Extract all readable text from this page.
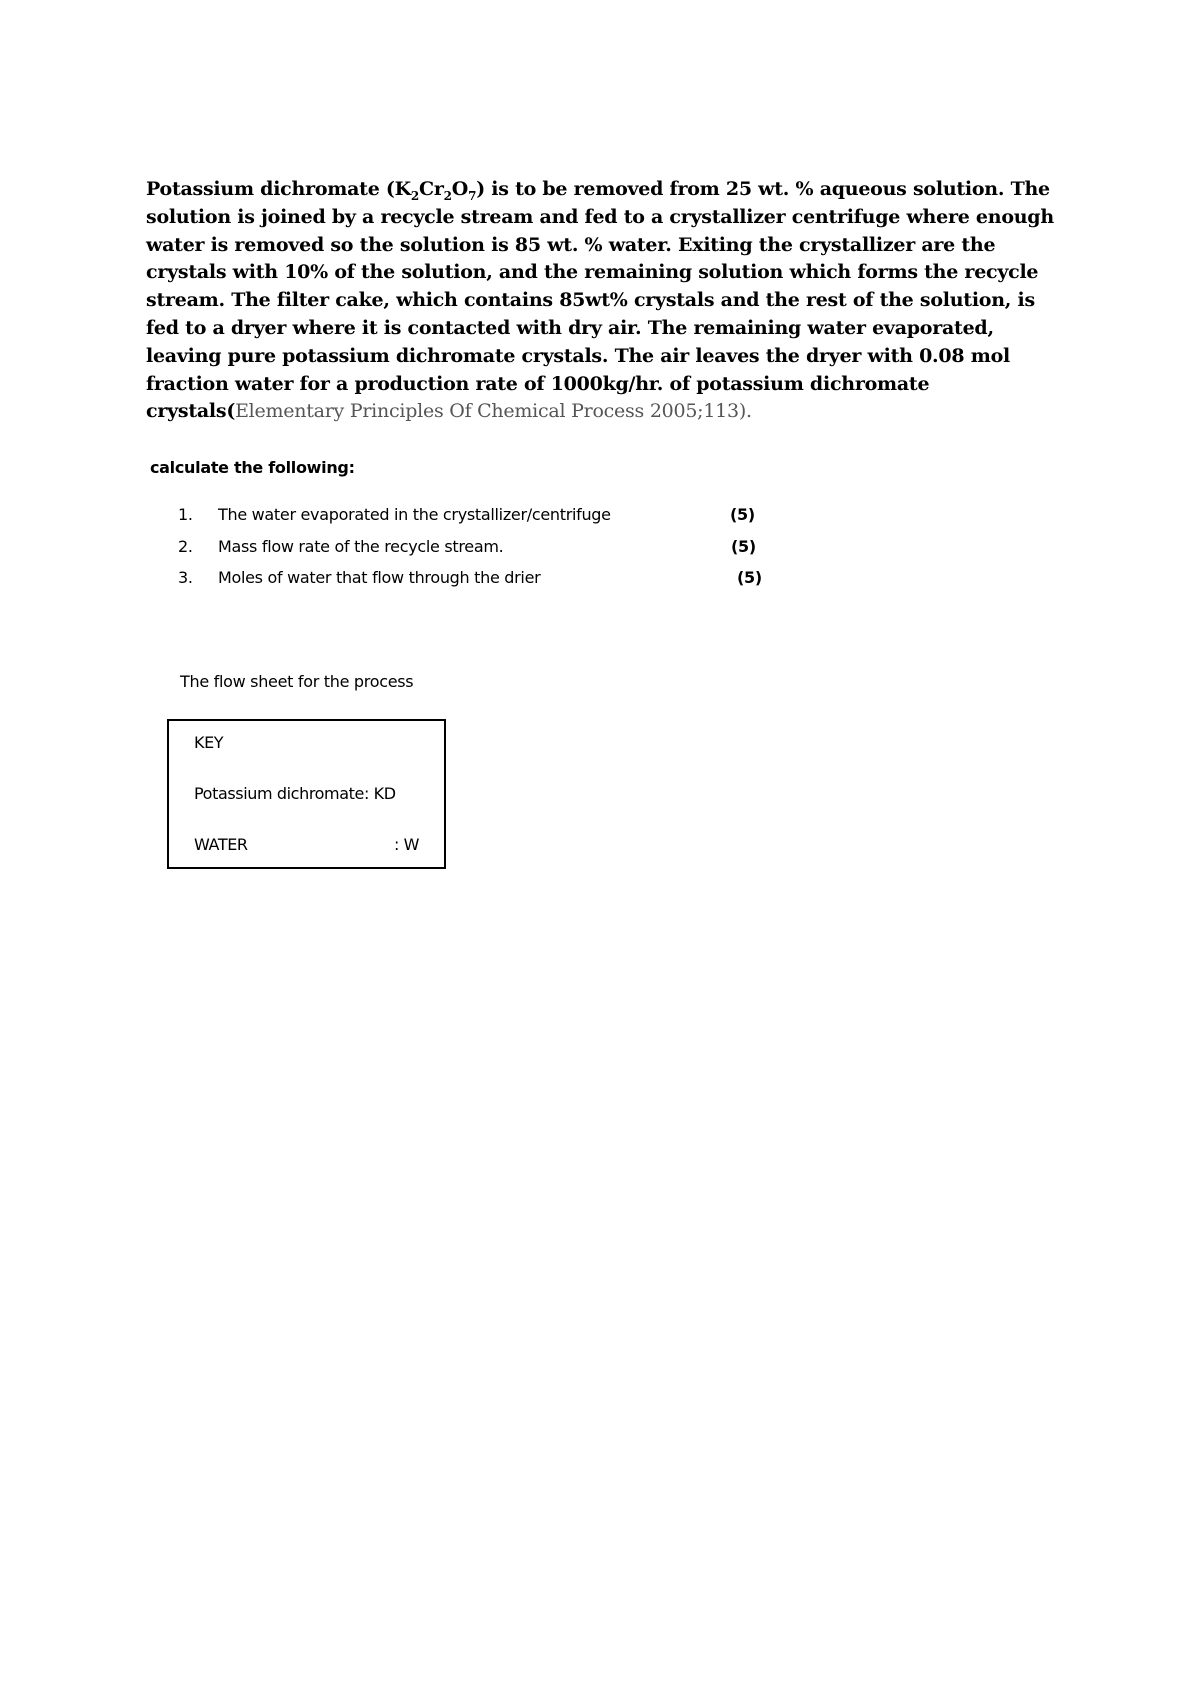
Potassium dichromate $(K_2Cr_2O_7)$ is to be removed from 25 wt. % aqueous solution. The solution is joined by a recycle stream and fed to a crystallizer centrifuge where enough water is removed so the solution is 85 wt. % water. Exiting the crystallizer are the crystals with 10% of the solution, and the remaining solution which forms the recycle stream. The filter cake, which contains 85wt% crystals and the rest of the solution, is fed to a dryer where it is contacted with dry air. The remaining water evaporated, leaving pure potassium dichromate crystals. The air leaves the dryer with 0.08 mol fraction water for a production rate of 1000kg/hr. of potassium dichromate crystals(Elementary Principles Of Chemical Process 2005;113).

calculate the following:

1. The water evaporated in the crystallizer/centrifuge	(5)
2. Mass flow rate of the recycle stream.	(5)
3. Moles of water that flow through the drier	(5)

The flow sheet for the process

KEY
Potassium dichromate: KD
WATER	: W
